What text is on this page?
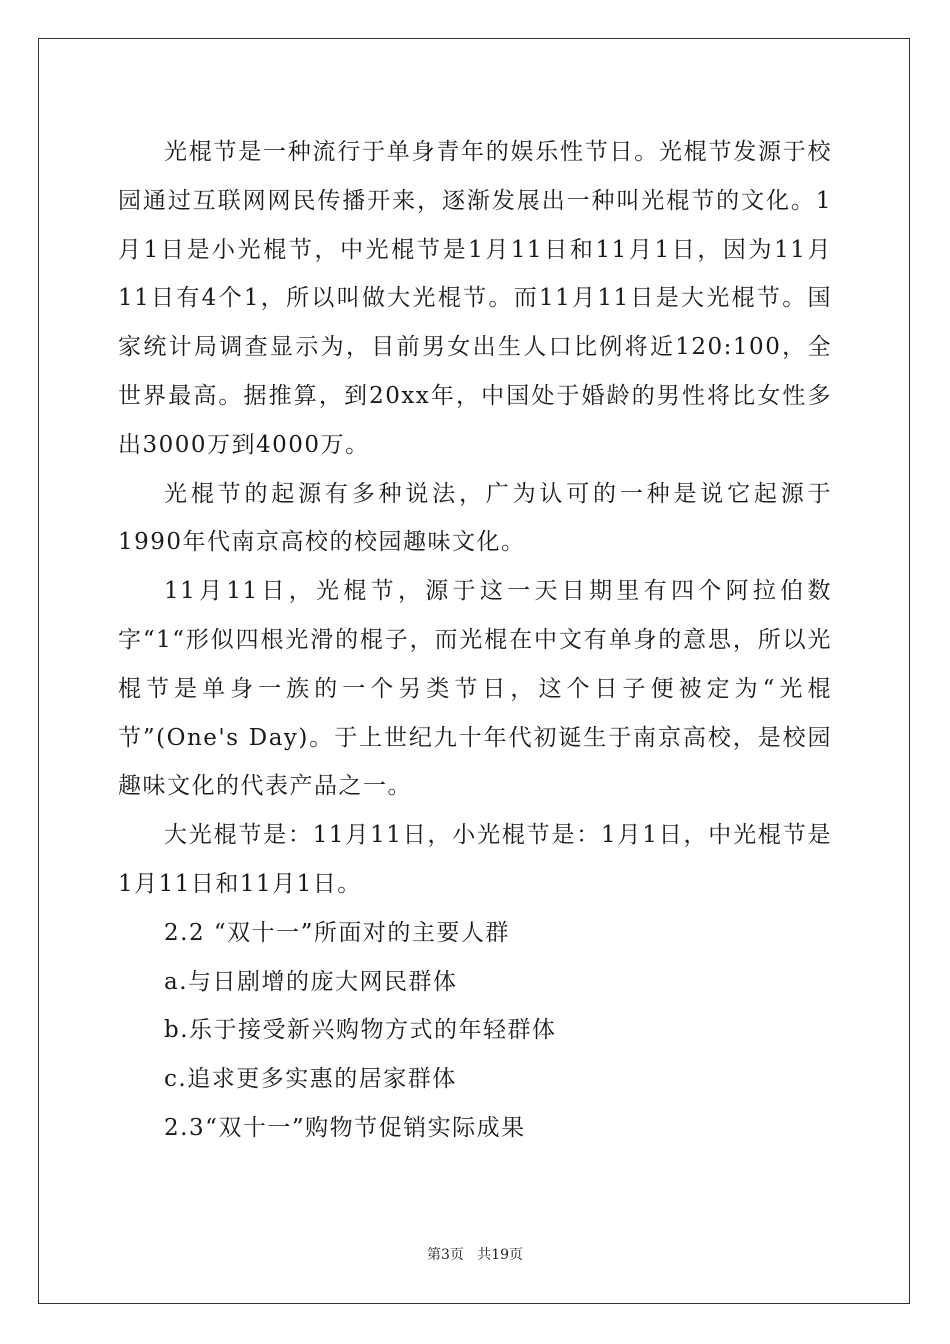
光棍节是一种流行于单身青年的娱乐性节日。光棍节发源于校园通过互联网网民传播开来，逐渐发展出一种叫光棍节的文化。1月1日是小光棍节，中光棍节是1月11日和11月1日，因为11月11日有4个1，所以叫做大光棍节。而11月11日是大光棍节。国家统计局调查显示为，目前男女出生人口比例将近120:100，全世界最高。据推算，到20xx年，中国处于婚龄的男性将比女性多出3000万到4000万。

光棍节的起源有多种说法，广为认可的一种是说它起源于1990年代南京高校的校园趣味文化。

11月11日，光棍节，源于这一天日期里有四个阿拉伯数字“1“形似四根光滑的棍子，而光棍在中文有单身的意思，所以光棍节是单身一族的一个另类节日，这个日子便被定为“光棍节”(One's Day)。于上世纪九十年代初诞生于南京高校，是校园趣味文化的代表产品之一。

大光棍节是：11月11日，小光棍节是：1月1日，中光棍节是1月11日和11月1日。

2.2 “双十一”所面对的主要人群

a.与日剧增的庞大网民群体

b.乐于接受新兴购物方式的年轻群体

c.追求更多实惠的居家群体

2.3“双十一”购物节促销实际成果

第3页   共19页
